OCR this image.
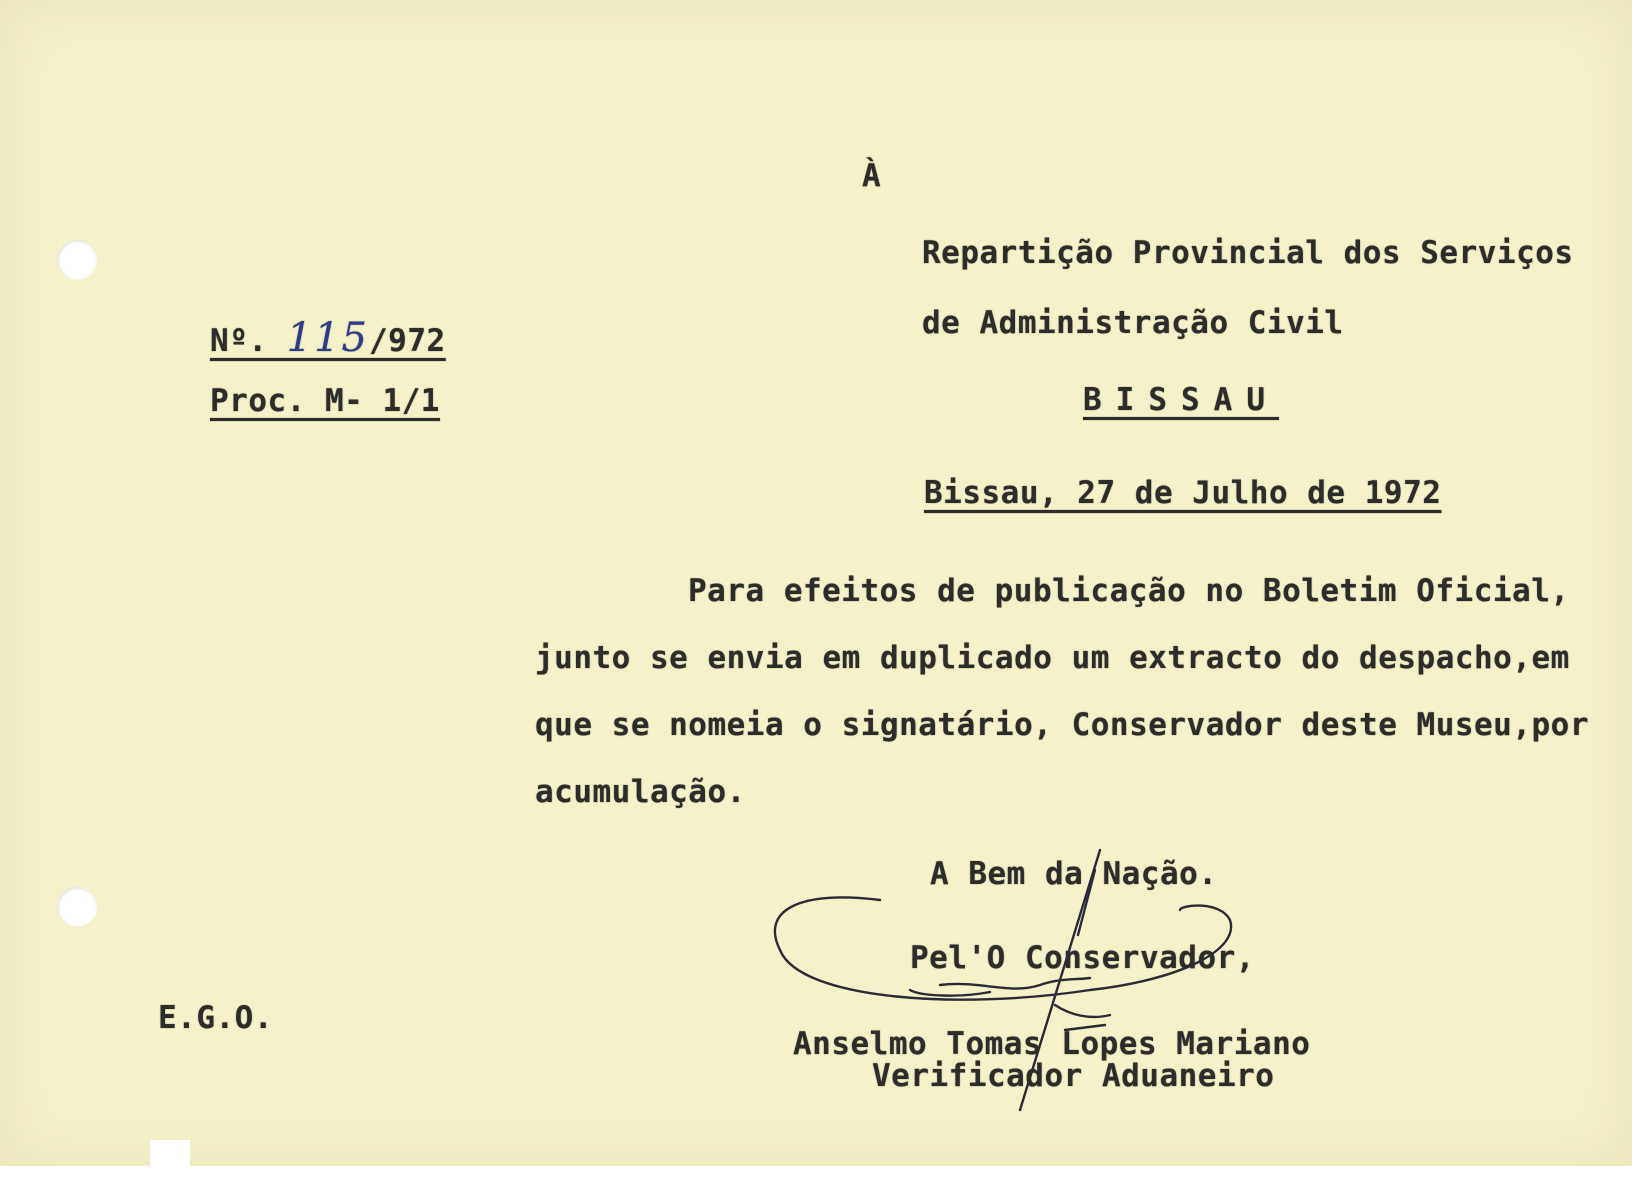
À
Repartição Provincial dos Serviços
de Administração Civil
BISSAU
Nº. 115/972
Proc. M- 1/1
Bissau, 27 de Julho de 1972
Para efeitos de publicação no Boletim Oficial,
junto se envia em duplicado um extracto do despacho,em
que se nomeia o signatário, Conservador deste Museu,por
acumulação.
A Bem da Nação.
Pel'O Conservador,
Anselmo Tomas Lopes Mariano
Verificador Aduaneiro
E.G.O.
